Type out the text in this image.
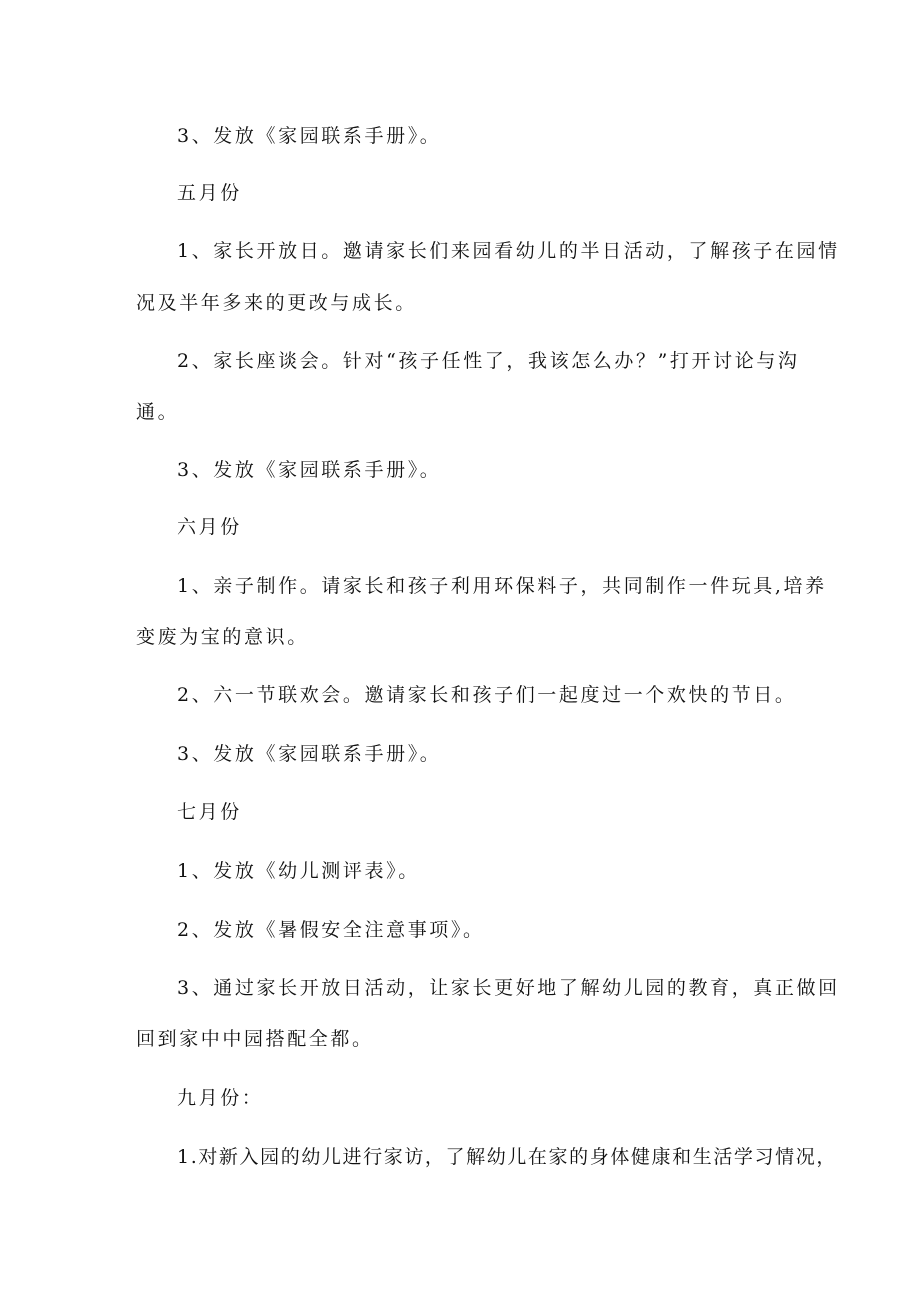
3、发放《家园联系手册》。
五月份
1、家长开放日。邀请家长们来园看幼儿的半日活动，了解孩子在园情
况及半年多来的更改与成长。
2、家长座谈会。针对“孩子任性了，我该怎么办？”打开讨论与沟
通。
3、发放《家园联系手册》。
六月份
1、亲子制作。请家长和孩子利用环保料子，共同制作一件玩具,培养
变废为宝的意识。
2、六一节联欢会。邀请家长和孩子们一起度过一个欢快的节日。
3、发放《家园联系手册》。
七月份
1、发放《幼儿测评表》。
2、发放《暑假安全注意事项》。
3、通过家长开放日活动，让家长更好地了解幼儿园的教育，真正做回
回到家中中园搭配全都。
九月份：
1.对新入园的幼儿进行家访，了解幼儿在家的身体健康和生活学习情况，
